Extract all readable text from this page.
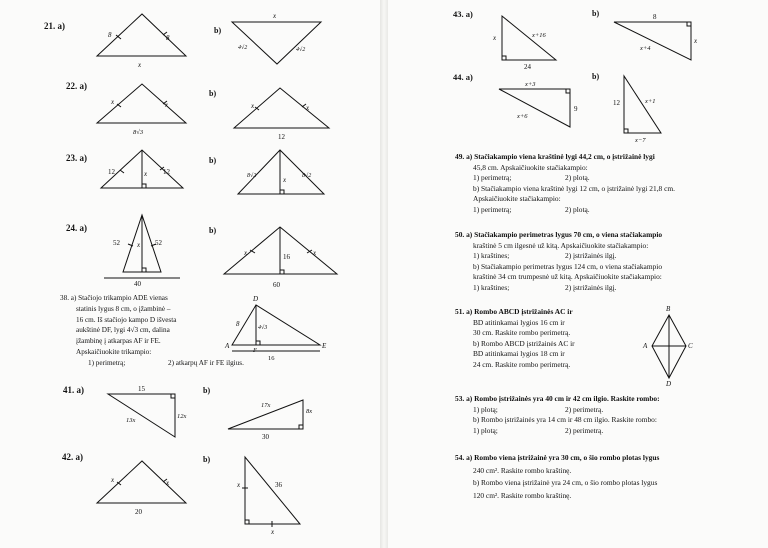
21. a)
8	8
x
b)
x
4√2	4√2
22. a)
x	x
8√3
b)
x	x
12
23. a)
12	12
x
b)
8√2	8√2
x
24. a)
52	52
x
40
b)
x	x
16
60
D
A
F
E
8	4√3
16
41. a)	15
13x
12x
b)
17x
8x
30
42. a)
x	x
20
b)
x	36
x
43. a)
x	x+16
24
b)	8
x+4
x
44. a)
x+3
9
x+6
b)
12	x+1
x−7
B
A	C
D

38. a) Stačiojo trikampio ADE vienas

statinis lygus 8 cm, o įžambinė –

16 cm. Iš stačiojo kampo D išvesta

aukštinė DF, lygi 4√3 cm, dalina

įžambinę į atkarpas AF ir FE.

Apskaičiuokite trikampio:

1) perimetrą;	2) atkarpų AF ir FE ilgius.

49. a) Stačiakampio viena kraštinė lygi 44,2 cm, o įstrižainė lygi

45,8 cm. Apskaičiuokite stačiakampio:

1) perimetrą;	2) plotą.

b) Stačiakampio viena kraštinė lygi 12 cm, o įstrižainė lygi 21,8 cm.

Apskaičiuokite stačiakampio:

1) perimetrą;	2) plotą.

50. a) Stačiakampio perimetras lygus 70 cm, o viena stačiakampio

kraštinė 5 cm ilgesnė už kitą. Apskaičiuokite stačiakampio:

1) kraštines;	2) įstrižainės ilgį.

b) Stačiakampio perimetras lygus 124 cm, o viena stačiakampio

kraštinė 34 cm trumpesnė už kitą. Apskaičiuokite stačiakampio:

1) kraštines;	2) įstrižainės ilgį.

51. a) Rombo ABCD įstrižainės AC ir

BD atitinkamai lygios 16 cm ir

30 cm. Raskite rombo perimetrą.

b) Rombo ABCD įstrižainės AC ir

BD atitinkamai lygios 18 cm ir

24 cm. Raskite rombo perimetrą.

53. a) Rombo įstrižainės yra 40 cm ir 42 cm ilgio. Raskite rombo:

1) plotą;	2) perimetrą.

b) Rombo įstrižainės yra 14 cm ir 48 cm ilgio. Raskite rombo:

1) plotą;	2) perimetrą.

54. a) Rombo viena įstrižainė yra 30 cm, o šio rombo plotas lygus

240 cm². Raskite rombo kraštinę.

b) Rombo viena įstrižainė yra 24 cm, o šio rombo plotas lygus

120 cm². Raskite rombo kraštinę.
